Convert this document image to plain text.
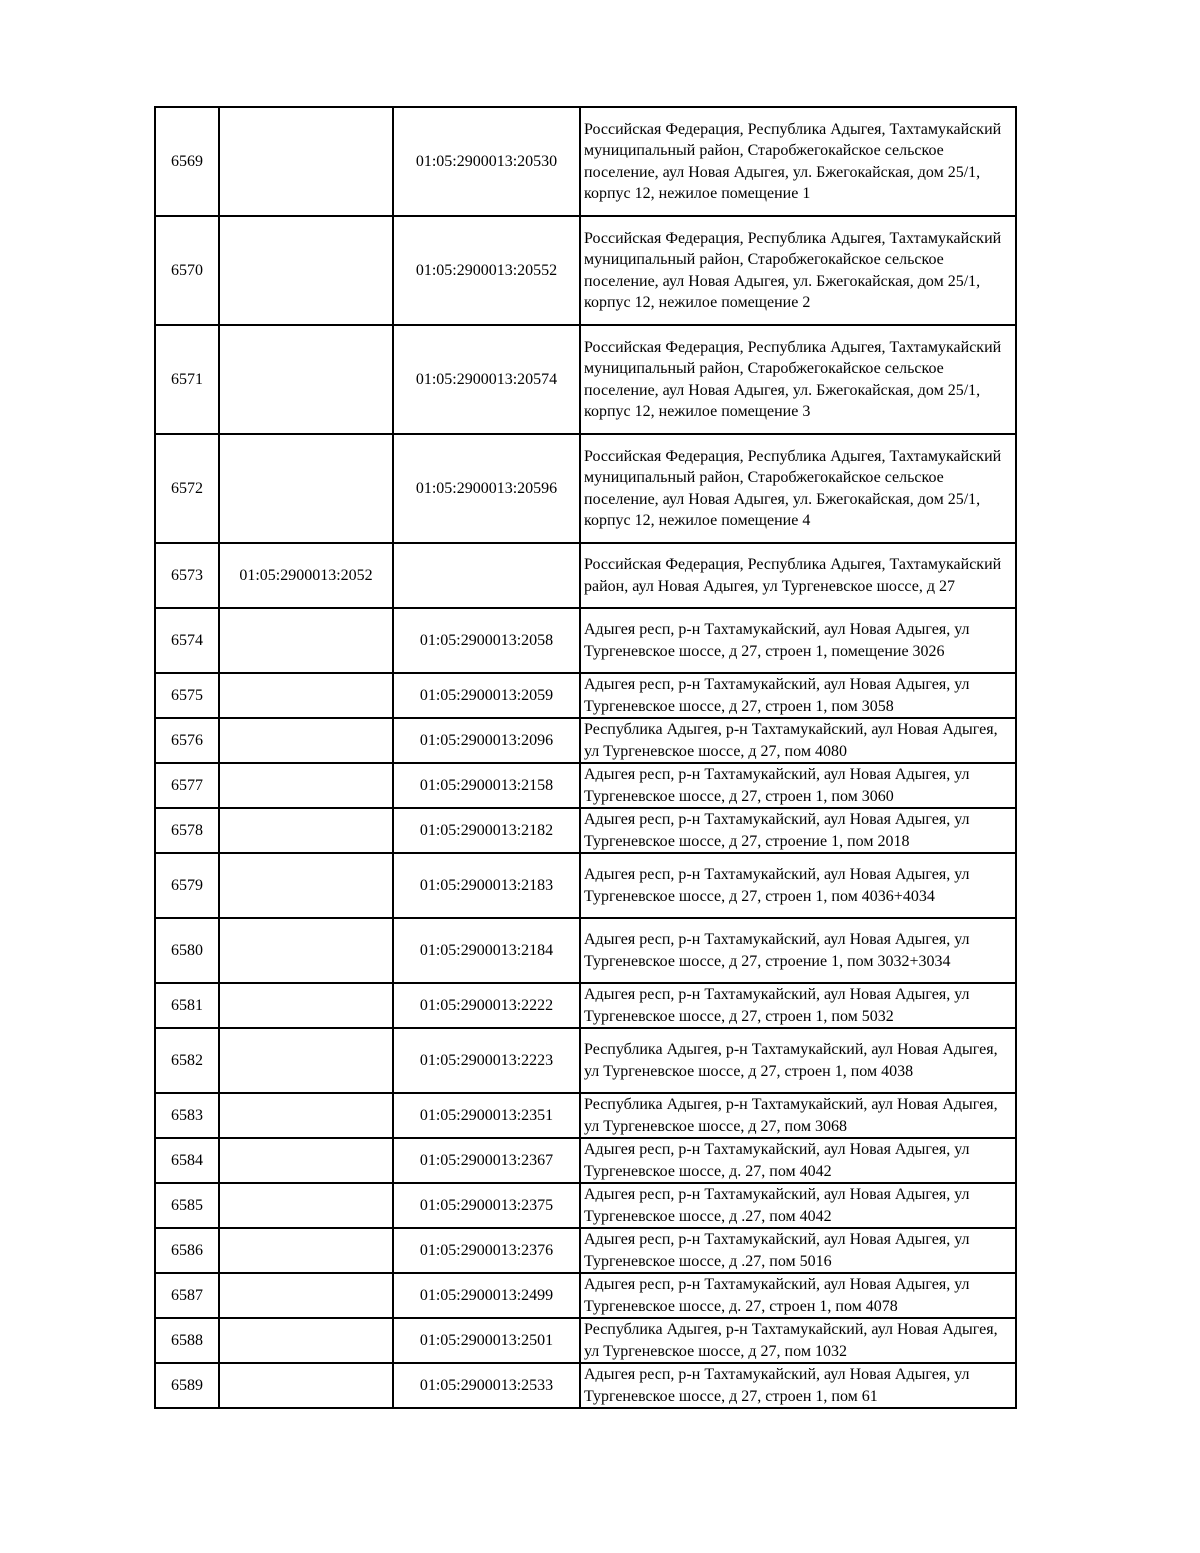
6569		01:05:2900013:20530	Российская Федерация, Республика Адыгея, Тахтамукайский муниципальный район, Старобжегокайское сельское поселение, аул Новая Адыгея, ул. Бжегокайская, дом 25/1, корпус 12, нежилое помещение 1
6570		01:05:2900013:20552	Российская Федерация, Республика Адыгея, Тахтамукайский муниципальный район, Старобжегокайское сельское поселение, аул Новая Адыгея, ул. Бжегокайская, дом 25/1, корпус 12, нежилое помещение 2
6571		01:05:2900013:20574	Российская Федерация, Республика Адыгея, Тахтамукайский муниципальный район, Старобжегокайское сельское поселение, аул Новая Адыгея, ул. Бжегокайская, дом 25/1, корпус 12, нежилое помещение 3
6572		01:05:2900013:20596	Российская Федерация, Республика Адыгея, Тахтамукайский муниципальный район, Старобжегокайское сельское поселение, аул Новая Адыгея, ул. Бжегокайская, дом 25/1, корпус 12, нежилое помещение 4
6573	01:05:2900013:2052		Российская Федерация, Республика Адыгея, Тахтамукайский район, аул Новая Адыгея, ул Тургеневское шоссе, д 27
6574		01:05:2900013:2058	Адыгея респ, р-н Тахтамукайский, аул Новая Адыгея, ул Тургеневское шоссе, д 27, строен 1, помещение 3026
6575		01:05:2900013:2059	Адыгея респ, р-н Тахтамукайский, аул Новая Адыгея, ул Тургеневское шоссе, д 27, строен 1, пом 3058
6576		01:05:2900013:2096	Республика Адыгея, р-н Тахтамукайский, аул Новая Адыгея, ул Тургеневское шоссе, д 27, пом 4080
6577		01:05:2900013:2158	Адыгея респ, р-н Тахтамукайский, аул Новая Адыгея, ул Тургеневское шоссе, д 27, строен 1, пом 3060
6578		01:05:2900013:2182	Адыгея респ, р-н Тахтамукайский, аул Новая Адыгея, ул Тургеневское шоссе, д 27, строение 1, пом 2018
6579		01:05:2900013:2183	Адыгея респ, р-н Тахтамукайский, аул Новая Адыгея, ул Тургеневское шоссе, д 27, строен 1, пом 4036+4034
6580		01:05:2900013:2184	Адыгея респ, р-н Тахтамукайский, аул Новая Адыгея, ул Тургеневское шоссе, д 27, строение 1, пом 3032+3034
6581		01:05:2900013:2222	Адыгея респ, р-н Тахтамукайский, аул Новая Адыгея, ул Тургеневское шоссе, д 27, строен 1, пом 5032
6582		01:05:2900013:2223	Республика Адыгея, р-н Тахтамукайский, аул Новая Адыгея, ул Тургеневское шоссе, д 27, строен 1, пом 4038
6583		01:05:2900013:2351	Республика Адыгея, р-н Тахтамукайский, аул Новая Адыгея, ул Тургеневское шоссе, д 27, пом 3068
6584		01:05:2900013:2367	Адыгея респ, р-н Тахтамукайский, аул Новая Адыгея, ул Тургеневское шоссе, д. 27, пом 4042
6585		01:05:2900013:2375	Адыгея респ, р-н Тахтамукайский, аул Новая Адыгея, ул Тургеневское шоссе, д .27, пом 4042
6586		01:05:2900013:2376	Адыгея респ, р-н Тахтамукайский, аул Новая Адыгея, ул Тургеневское шоссе, д .27, пом 5016
6587		01:05:2900013:2499	Адыгея респ, р-н Тахтамукайский, аул Новая Адыгея, ул Тургеневское шоссе, д. 27, строен 1, пом 4078
6588		01:05:2900013:2501	Республика Адыгея, р-н Тахтамукайский, аул Новая Адыгея, ул Тургеневское шоссе, д 27, пом 1032
6589		01:05:2900013:2533	Адыгея респ, р-н Тахтамукайский, аул Новая Адыгея, ул Тургеневское шоссе, д 27, строен 1, пом 61
